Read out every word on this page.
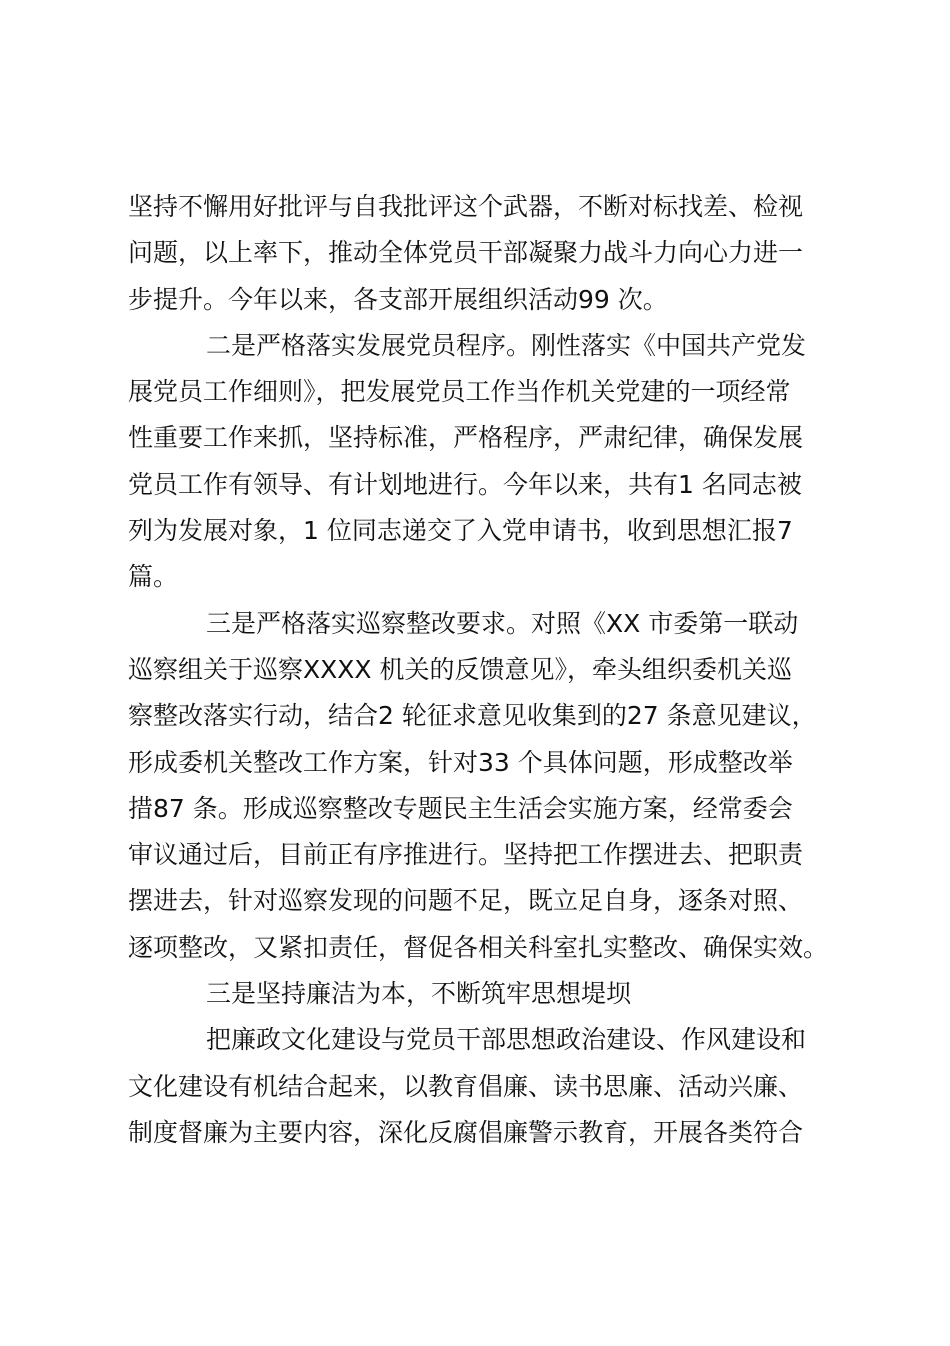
坚持不懈用好批评与自我批评这个武器，不断对标找差、检视
问题，以上率下，推动全体党员干部凝聚力战斗力向心力进一
步提升。今年以来，各支部开展组织活动99 次。
二是严格落实发展党员程序。刚性落实《中国共产党发
展党员工作细则》，把发展党员工作当作机关党建的一项经常
性重要工作来抓，坚持标准，严格程序，严肃纪律，确保发展
党员工作有领导、有计划地进行。今年以来，共有1 名同志被
列为发展对象，1 位同志递交了入党申请书，收到思想汇报7
篇。
三是严格落实巡察整改要求。对照《XX 市委第一联动
巡察组关于巡察XXXX 机关的反馈意见》，牵头组织委机关巡
察整改落实行动，结合2 轮征求意见收集到的27 条意见建议，
形成委机关整改工作方案，针对33 个具体问题，形成整改举
措87 条。形成巡察整改专题民主生活会实施方案，经常委会
审议通过后，目前正有序推进行。坚持把工作摆进去、把职责
摆进去，针对巡察发现的问题不足，既立足自身，逐条对照、
逐项整改，又紧扣责任，督促各相关科室扎实整改、确保实效。
三是坚持廉洁为本，不断筑牢思想堤坝
把廉政文化建设与党员干部思想政治建设、作风建设和
文化建设有机结合起来，以教育倡廉、读书思廉、活动兴廉、
制度督廉为主要内容，深化反腐倡廉警示教育，开展各类符合
